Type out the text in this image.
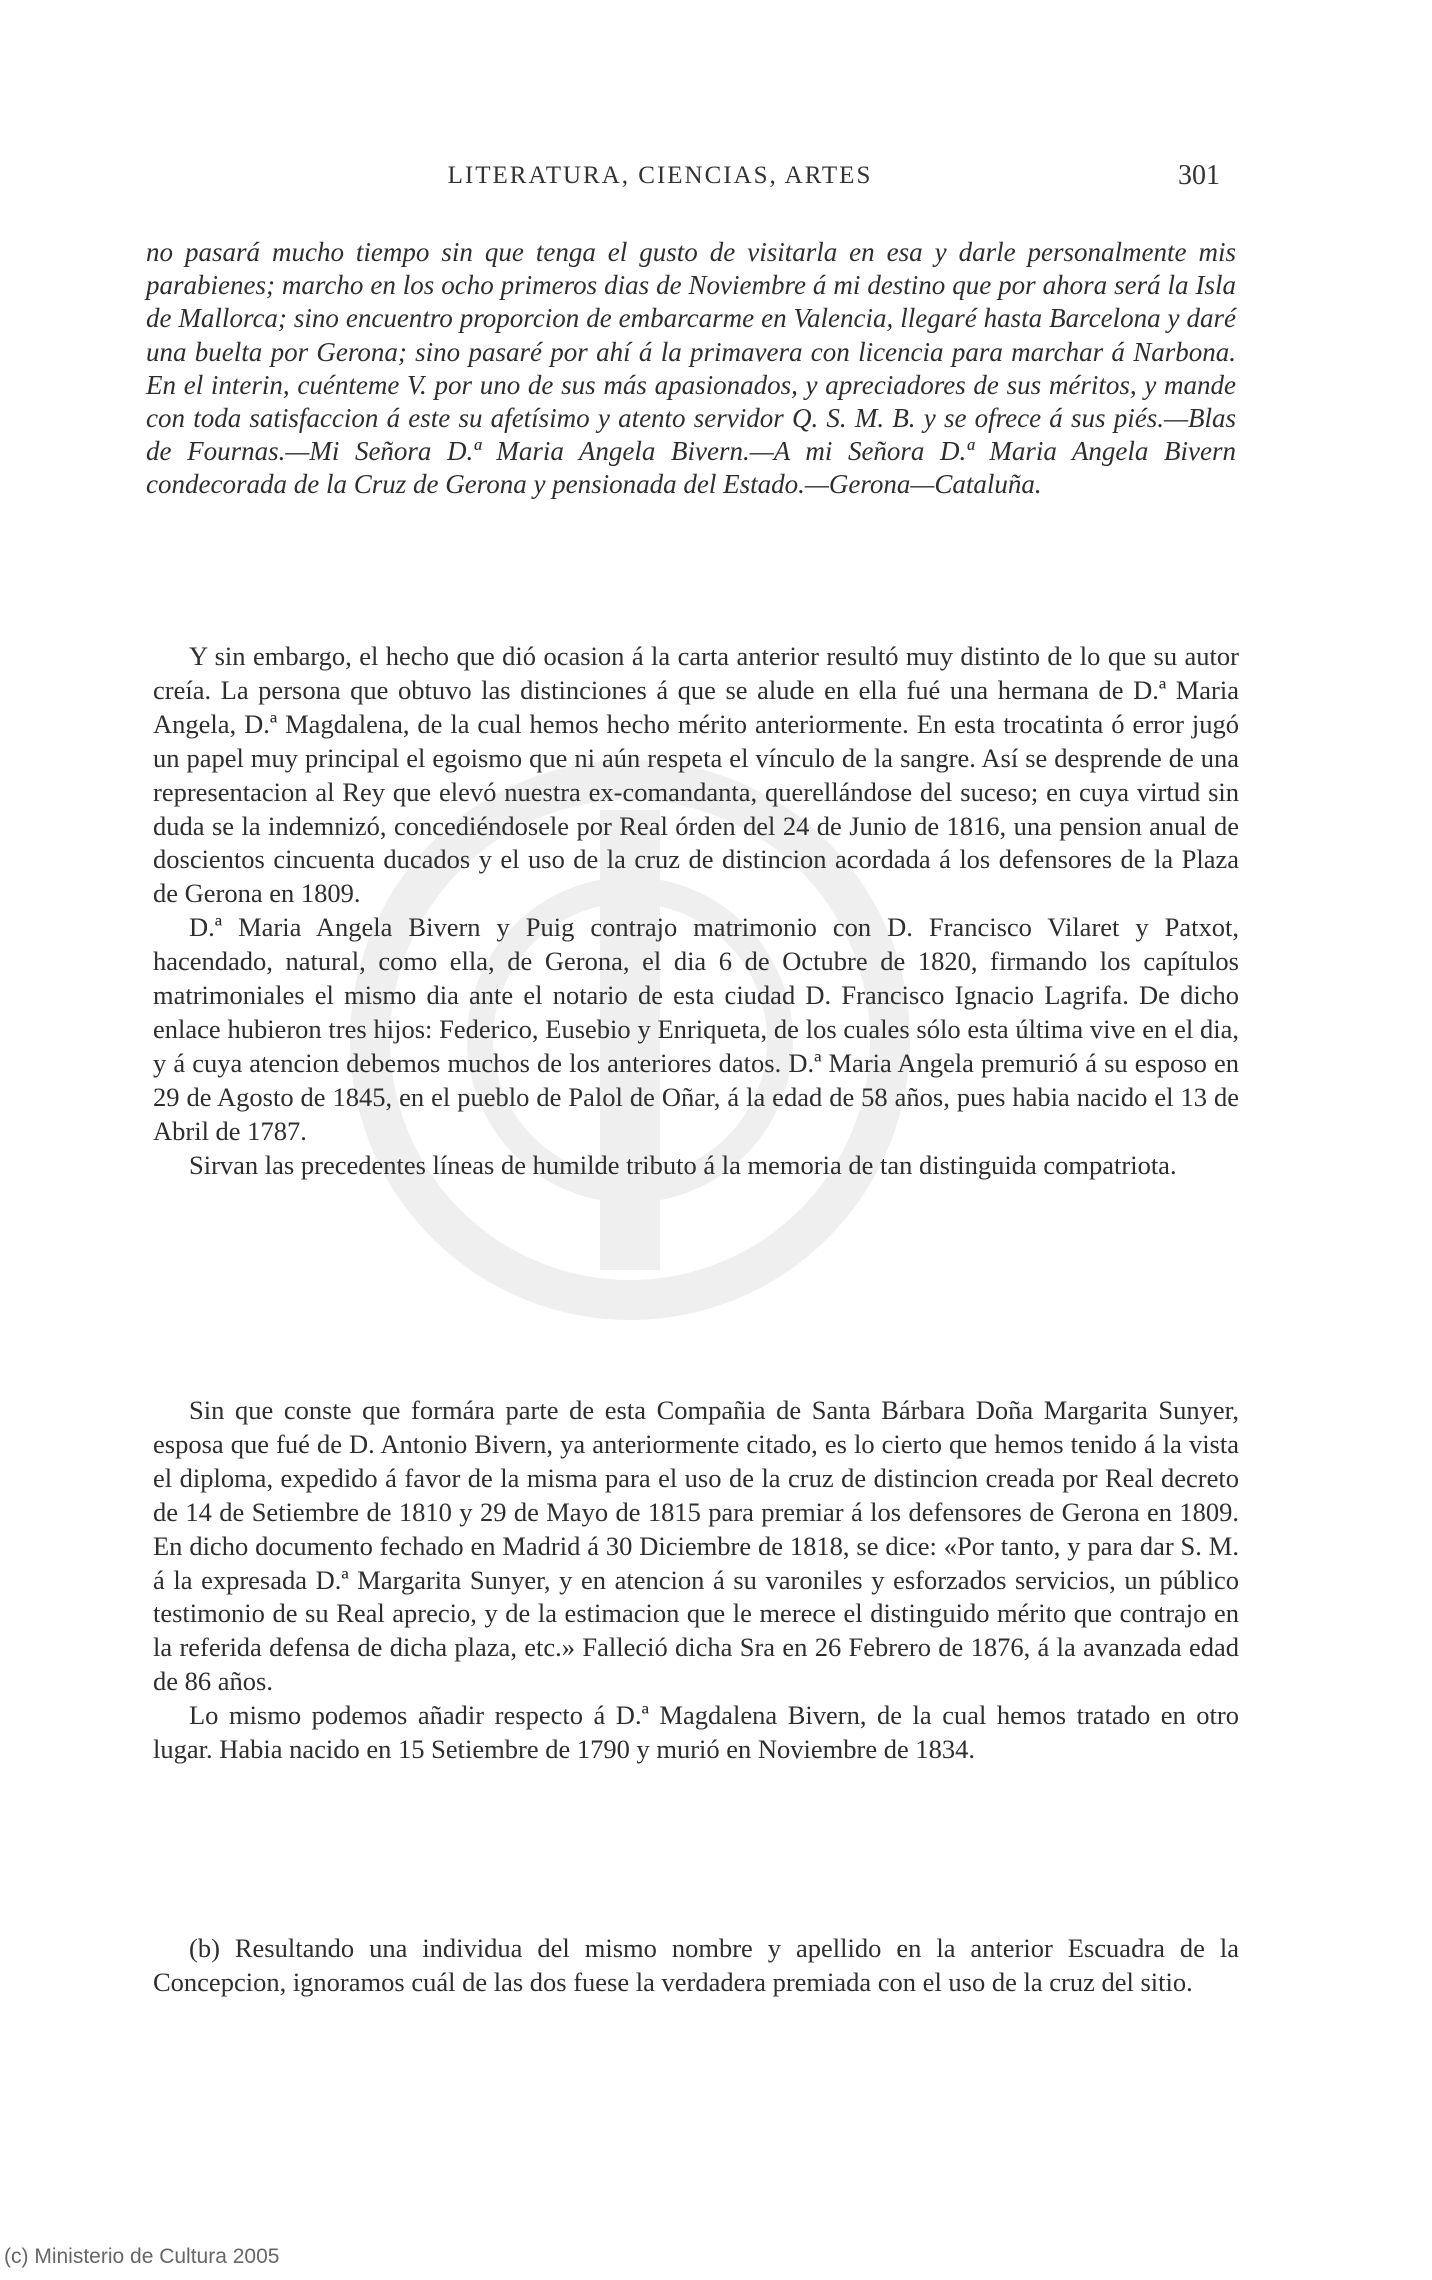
LITERATURA, CIENCIAS, ARTES	301

no pasará mucho tiempo sin que tenga el gusto de visitarla en esa y darle personalmente mis parabienes; marcho en los ocho primeros dias de Noviembre á mi destino que por ahora será la Isla de Mallorca; sino encuentro proporcion de embarcarme en Valencia, llegaré hasta Barcelona y daré una buelta por Gerona; sino pasaré por ahí á la primavera con licencia para marchar á Narbona. En el interin, cuénteme V. por uno de sus más apasionados, y apreciadores de sus méritos, y mande con toda satisfaccion á este su afetísimo y atento servidor Q. S. M. B. y se ofrece á sus piés.—Blas de Fournas.—Mi Señora D.ª Maria Angela Bivern.—A mi Señora D.ª Maria Angela Bivern condecorada de la Cruz de Gerona y pensionada del Estado.—Gerona—Cataluña.

Y sin embargo, el hecho que dió ocasion á la carta anterior resultó muy distinto de lo que su autor creía. La persona que obtuvo las distinciones á que se alude en ella fué una hermana de D.ª Maria Angela, D.ª Magdalena, de la cual hemos hecho mérito anteriormente. En esta trocatinta ó error jugó un papel muy principal el egoismo que ni aún respeta el vínculo de la sangre. Así se desprende de una representacion al Rey que elevó nuestra ex-comandanta, querellándose del suceso; en cuya virtud sin duda se la indemnizó, concediéndosele por Real órden del 24 de Junio de 1816, una pension anual de doscientos cincuenta ducados y el uso de la cruz de distincion acordada á los defensores de la Plaza de Gerona en 1809.

D.ª Maria Angela Bivern y Puig contrajo matrimonio con D. Francisco Vilaret y Patxot, hacendado, natural, como ella, de Gerona, el dia 6 de Octubre de 1820, firmando los capítulos matrimoniales el mismo dia ante el notario de esta ciudad D. Francisco Ignacio Lagrifa. De dicho enlace hubieron tres hijos: Federico, Eusebio y Enriqueta, de los cuales sólo esta última vive en el dia, y á cuya atencion debemos muchos de los anteriores datos. D.ª Maria Angela premurió á su esposo en 29 de Agosto de 1845, en el pueblo de Palol de Oñar, á la edad de 58 años, pues habia nacido el 13 de Abril de 1787.

Sirvan las precedentes líneas de humilde tributo á la memoria de tan distinguida compatriota.

Sin que conste que formára parte de esta Compañia de Santa Bárbara Doña Margarita Sunyer, esposa que fué de D. Antonio Bivern, ya anteriormente citado, es lo cierto que hemos tenido á la vista el diploma, expedido á favor de la misma para el uso de la cruz de distincion creada por Real decreto de 14 de Setiembre de 1810 y 29 de Mayo de 1815 para premiar á los defensores de Gerona en 1809. En dicho documento fechado en Madrid á 30 Diciembre de 1818, se dice: «Por tanto, y para dar S. M. á la expresada D.ª Margarita Sunyer, y en atencion á su varoniles y esforzados servicios, un público testimonio de su Real aprecio, y de la estimacion que le merece el distinguido mérito que contrajo en la referida defensa de dicha plaza, etc.» Falleció dicha Sra en 26 Febrero de 1876, á la avanzada edad de 86 años.

Lo mismo podemos añadir respecto á D.ª Magdalena Bivern, de la cual hemos tratado en otro lugar. Habia nacido en 15 Setiembre de 1790 y murió en Noviembre de 1834.

(b) Resultando una individua del mismo nombre y apellido en la anterior Escuadra de la Concepcion, ignoramos cuál de las dos fuese la verdadera premiada con el uso de la cruz del sitio.

(c) Ministerio de Cultura 2005
